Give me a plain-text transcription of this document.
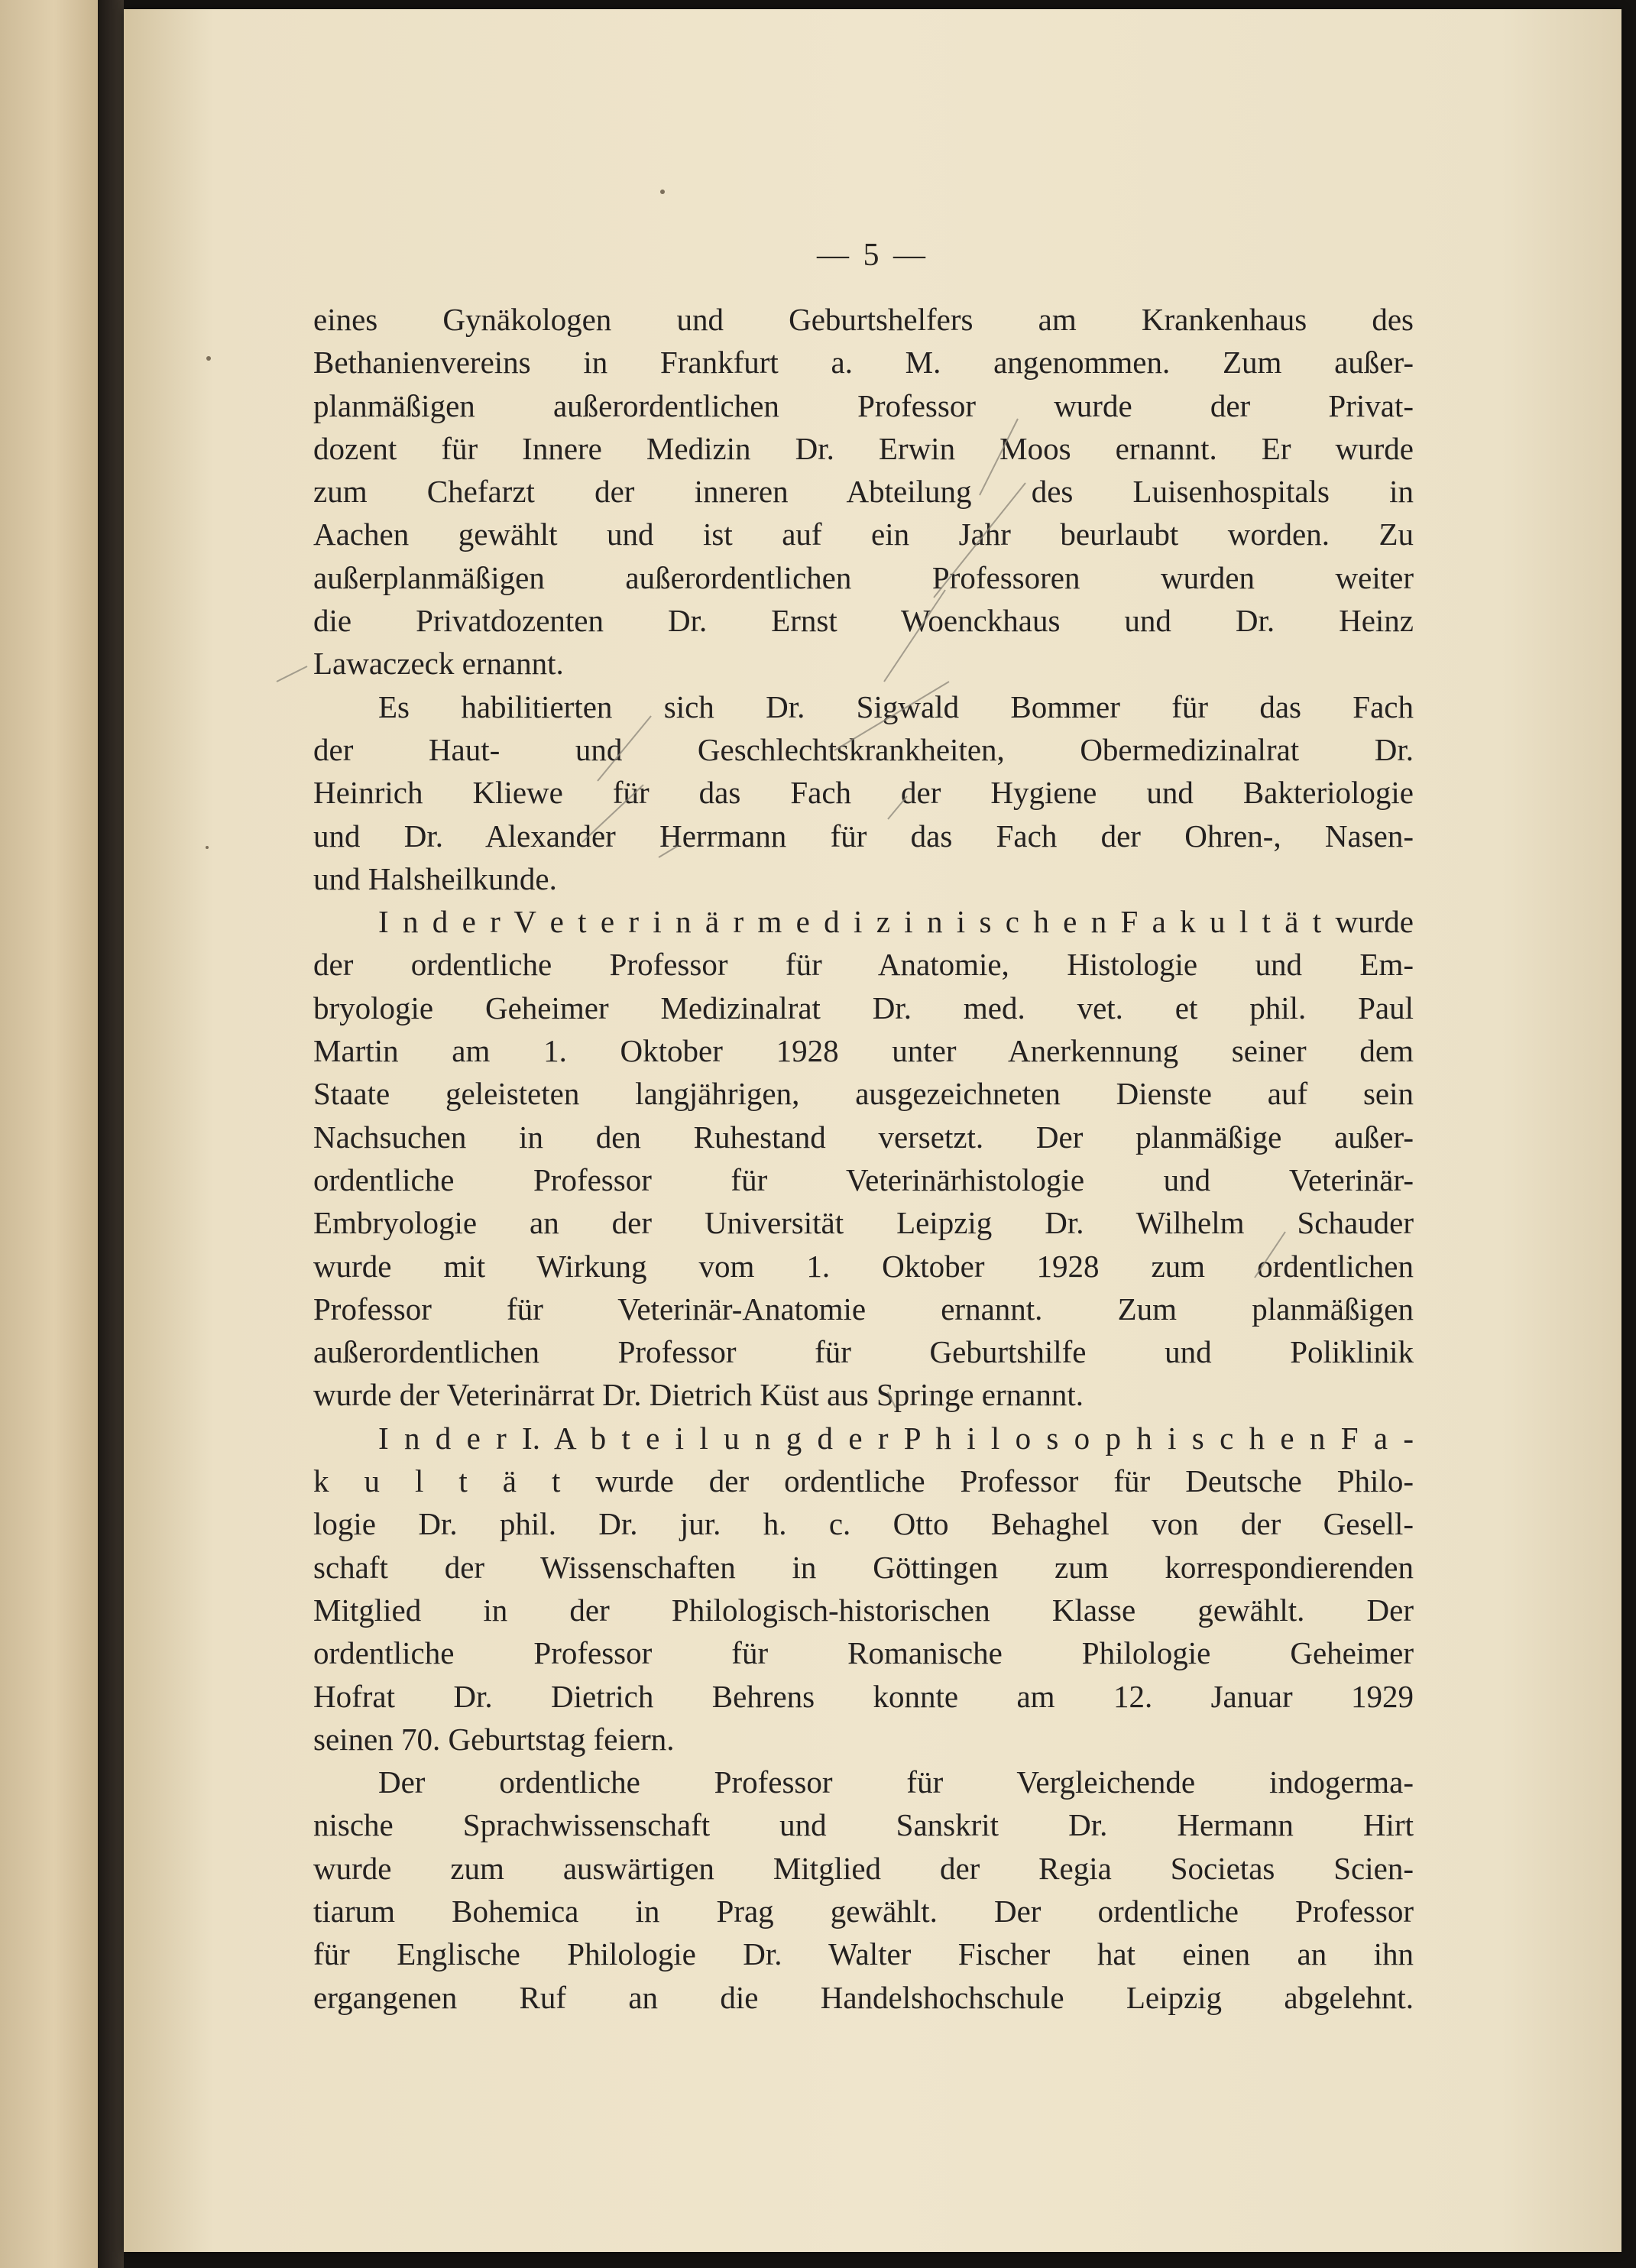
— 5 —
eines Gynäkologen und Geburtshelfers am Krankenhaus des
Bethanienvereins in Frankfurt a. M. angenommen. Zum außer-
planmäßigen außerordentlichen Professor wurde der Privat-
dozent für Innere Medizin Dr. Erwin Moos ernannt. Er wurde
zum Chefarzt der inneren Abteilung des Luisenhospitals in
Aachen gewählt und ist auf ein Jahr beurlaubt worden. Zu
außerplanmäßigen außerordentlichen Professoren wurden weiter
die Privatdozenten Dr. Ernst Woenckhaus und Dr. Heinz
Lawaczeck ernannt.
Es habilitierten sich Dr. Sigwald Bommer für das Fach
der Haut- und Geschlechtskrankheiten, Obermedizinalrat Dr.
Heinrich Kliewe für das Fach der Hygiene und Bakteriologie
und Dr. Alexander Herrmann für das Fach der Ohren-, Nasen-
und Halsheilkunde.
I n d e r V e t e r i n ä r m e d i z i n i s c h e n F a k u l t ä t wurde
der ordentliche Professor für Anatomie, Histologie und Em-
bryologie Geheimer Medizinalrat Dr. med. vet. et phil. Paul
Martin am 1. Oktober 1928 unter Anerkennung seiner dem
Staate geleisteten langjährigen, ausgezeichneten Dienste auf sein
Nachsuchen in den Ruhestand versetzt. Der planmäßige außer-
ordentliche Professor für Veterinärhistologie und Veterinär-
Embryologie an der Universität Leipzig Dr. Wilhelm Schauder
wurde mit Wirkung vom 1. Oktober 1928 zum ordentlichen
Professor für Veterinär-Anatomie ernannt. Zum planmäßigen
außerordentlichen Professor für Geburtshilfe und Poliklinik
wurde der Veterinärrat Dr. Dietrich Küst aus Springe ernannt.
I n d e r I. A b t e i l u n g d e r P h i l o s o p h i s c h e n F a -
k u l t ä t wurde der ordentliche Professor für Deutsche Philo-
logie Dr. phil. Dr. jur. h. c. Otto Behaghel von der Gesell-
schaft der Wissenschaften in Göttingen zum korrespondierenden
Mitglied in der Philologisch-historischen Klasse gewählt. Der
ordentliche Professor für Romanische Philologie Geheimer
Hofrat Dr. Dietrich Behrens konnte am 12. Januar 1929
seinen 70. Geburtstag feiern.
Der ordentliche Professor für Vergleichende indogerma-
nische Sprachwissenschaft und Sanskrit Dr. Hermann Hirt
wurde zum auswärtigen Mitglied der Regia Societas Scien-
tiarum Bohemica in Prag gewählt. Der ordentliche Professor
für Englische Philologie Dr. Walter Fischer hat einen an ihn
ergangenen Ruf an die Handelshochschule Leipzig abgelehnt.
